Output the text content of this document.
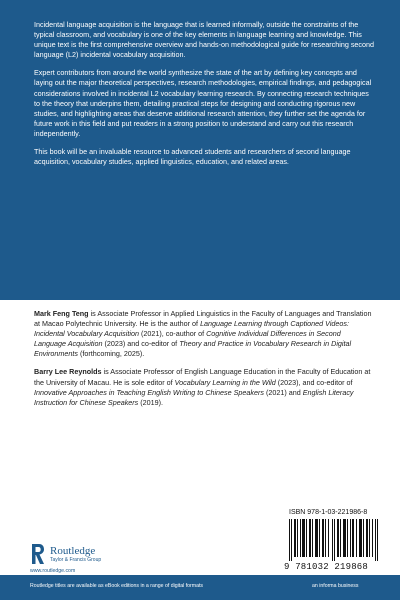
Incidental language acquisition is the language that is learned informally, outside the constraints of the typical classroom, and vocabulary is one of the key elements in language learning and knowledge. This unique text is the first comprehensive overview and hands-on methodological guide for researching second language (L2) incidental vocabulary acquisition.

Expert contributors from around the world synthesize the state of the art by defining key concepts and laying out the major theoretical perspectives, research methodologies, empirical findings, and pedagogical considerations involved in incidental L2 vocabulary learning research. By connecting research techniques to the theory that underpins them, detailing practical steps for designing and conducting rigorous new studies, and highlighting areas that deserve additional research attention, they further set the agenda for future work in this field and put readers in a strong position to understand and carry out this research independently.

This book will be an invaluable resource to advanced students and researchers of second language acquisition, vocabulary studies, applied linguistics, education, and related areas.

Mark Feng Teng is Associate Professor in Applied Linguistics in the Faculty of Languages and Translation at Macao Polytechnic University. He is the author of Language Learning through Captioned Videos: Incidental Vocabulary Acquisition (2021), co-author of Cognitive Individual Differences in Second Language Acquisition (2023) and co-editor of Theory and Practice in Vocabulary Research in Digital Environments (forthcoming, 2025).

Barry Lee Reynolds is Associate Professor of English Language Education in the Faculty of Education at the University of Macau. He is sole editor of Vocabulary Learning in the Wild (2023), and co-editor of Innovative Approaches in Teaching English Writing to Chinese Speakers (2021) and English Literacy Instruction for Chinese Speakers (2019).

ISBN 978-1-03-221986-8
9 781032 219868
Routledge
Taylor & Francis Group
www.routledge.com
Routledge titles are available as eBook editions in a range of digital formats	an informa business
